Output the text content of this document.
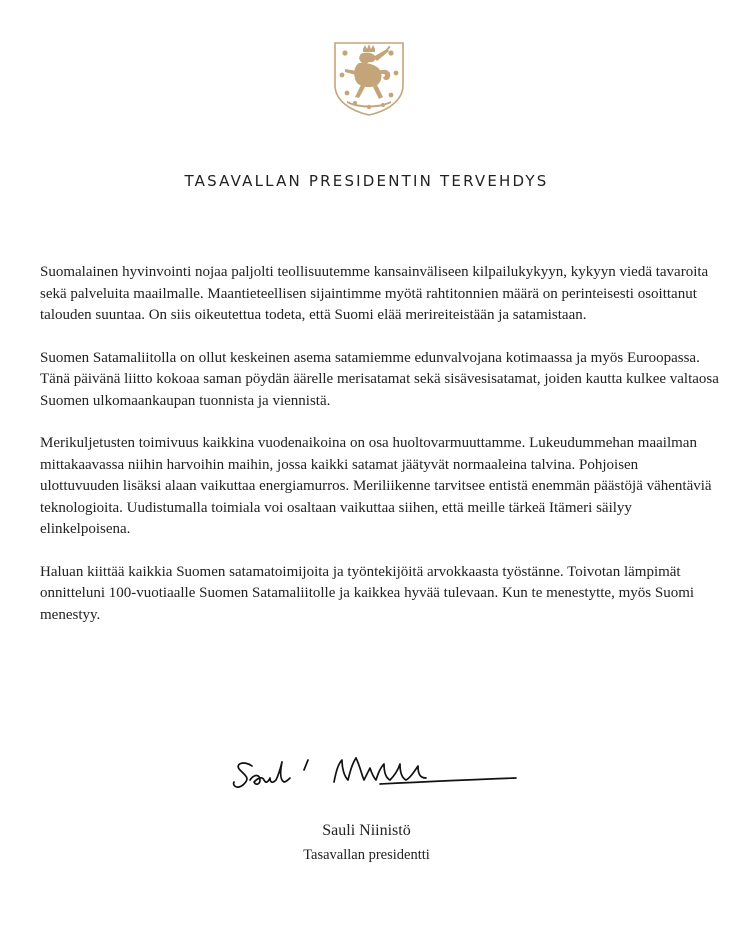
TASAVALLAN PRESIDENTIN TERVEHDYS

Suomalainen hyvinvointi nojaa paljolti teollisuutemme kansainväliseen kilpailukykyyn, kykyyn viedä tavaroita sekä palveluita maailmalle. Maantieteellisen sijaintimme myötä rahtitonnien määrä on perinteisesti osoittanut talouden suuntaa. On siis oikeutettua todeta, että Suomi elää merireiteistään ja satamistaan.

Suomen Satamaliitolla on ollut keskeinen asema satamiemme edunvalvojana kotimaassa ja myös Euroopassa. Tänä päivänä liitto kokoaa saman pöydän äärelle merisatamat sekä sisävesisatamat, joiden kautta kulkee valtaosa Suomen ulkomaankaupan tuonnista ja viennistä.

Merikuljetusten toimivuus kaikkina vuodenaikoina on osa huoltovarmuuttamme. Lukeudummehan maailman mittakaavassa niihin harvoihin maihin, jossa kaikki satamat jäätyvät normaaleina talvina. Pohjoisen ulottuvuuden lisäksi alaan vaikuttaa energiamurros. Meriliikenne tarvitsee entistä enemmän päästöjä vähentäviä teknologioita. Uudistumalla toimiala voi osaltaan vaikuttaa siihen, että meille tärkeä Itämeri säilyy elinkelpoisena.

Haluan kiittää kaikkia Suomen satamatoimijoita ja työntekijöitä arvokkaasta työstänne. Toivotan lämpimät onnitteluni 100-vuotiaalle Suomen Satamaliitolle ja kaikkea hyvää tulevaan. Kun te menestytte, myös Suomi menestyy.

Sauli Niinistö
Tasavallan presidentti
